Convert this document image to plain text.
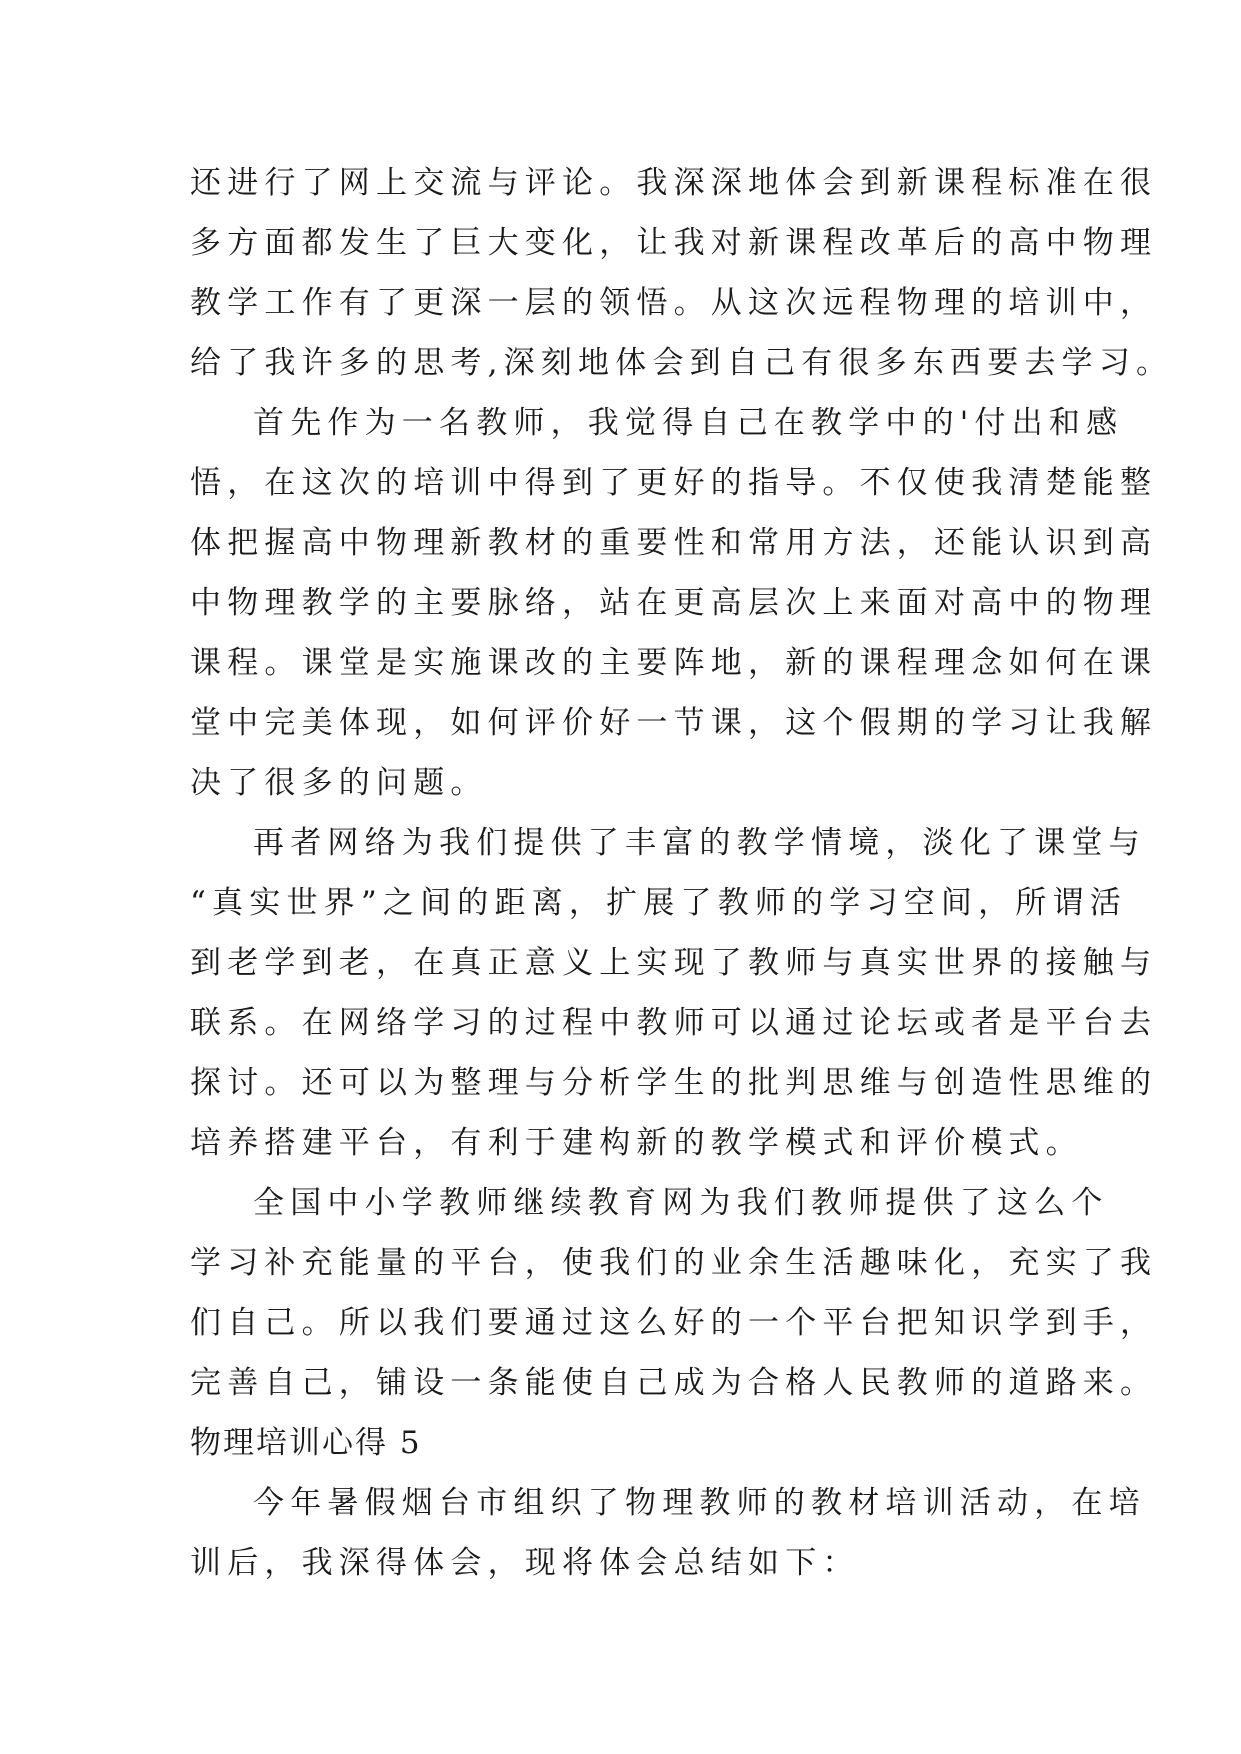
还进行了网上交流与评论。我深深地体会到新课程标准在很
多方面都发生了巨大变化，让我对新课程改革后的高中物理
教学工作有了更深一层的领悟。从这次远程物理的培训中，
给了我许多的思考,深刻地体会到自己有很多东西要去学习。
首先作为一名教师，我觉得自己在教学中的'付出和感
悟，在这次的培训中得到了更好的指导。不仅使我清楚能整
体把握高中物理新教材的重要性和常用方法，还能认识到高
中物理教学的主要脉络，站在更高层次上来面对高中的物理
课程。课堂是实施课改的主要阵地，新的课程理念如何在课
堂中完美体现，如何评价好一节课，这个假期的学习让我解
决了很多的问题。
再者网络为我们提供了丰富的教学情境，淡化了课堂与
“真实世界”之间的距离，扩展了教师的学习空间，所谓活
到老学到老，在真正意义上实现了教师与真实世界的接触与
联系。在网络学习的过程中教师可以通过论坛或者是平台去
探讨。还可以为整理与分析学生的批判思维与创造性思维的
培养搭建平台，有利于建构新的教学模式和评价模式。
全国中小学教师继续教育网为我们教师提供了这么个
学习补充能量的平台，使我们的业余生活趣味化，充实了我
们自己。所以我们要通过这么好的一个平台把知识学到手，
完善自己，铺设一条能使自己成为合格人民教师的道路来。
物理培训心得 5
今年暑假烟台市组织了物理教师的教材培训活动，在培
训后，我深得体会，现将体会总结如下：
